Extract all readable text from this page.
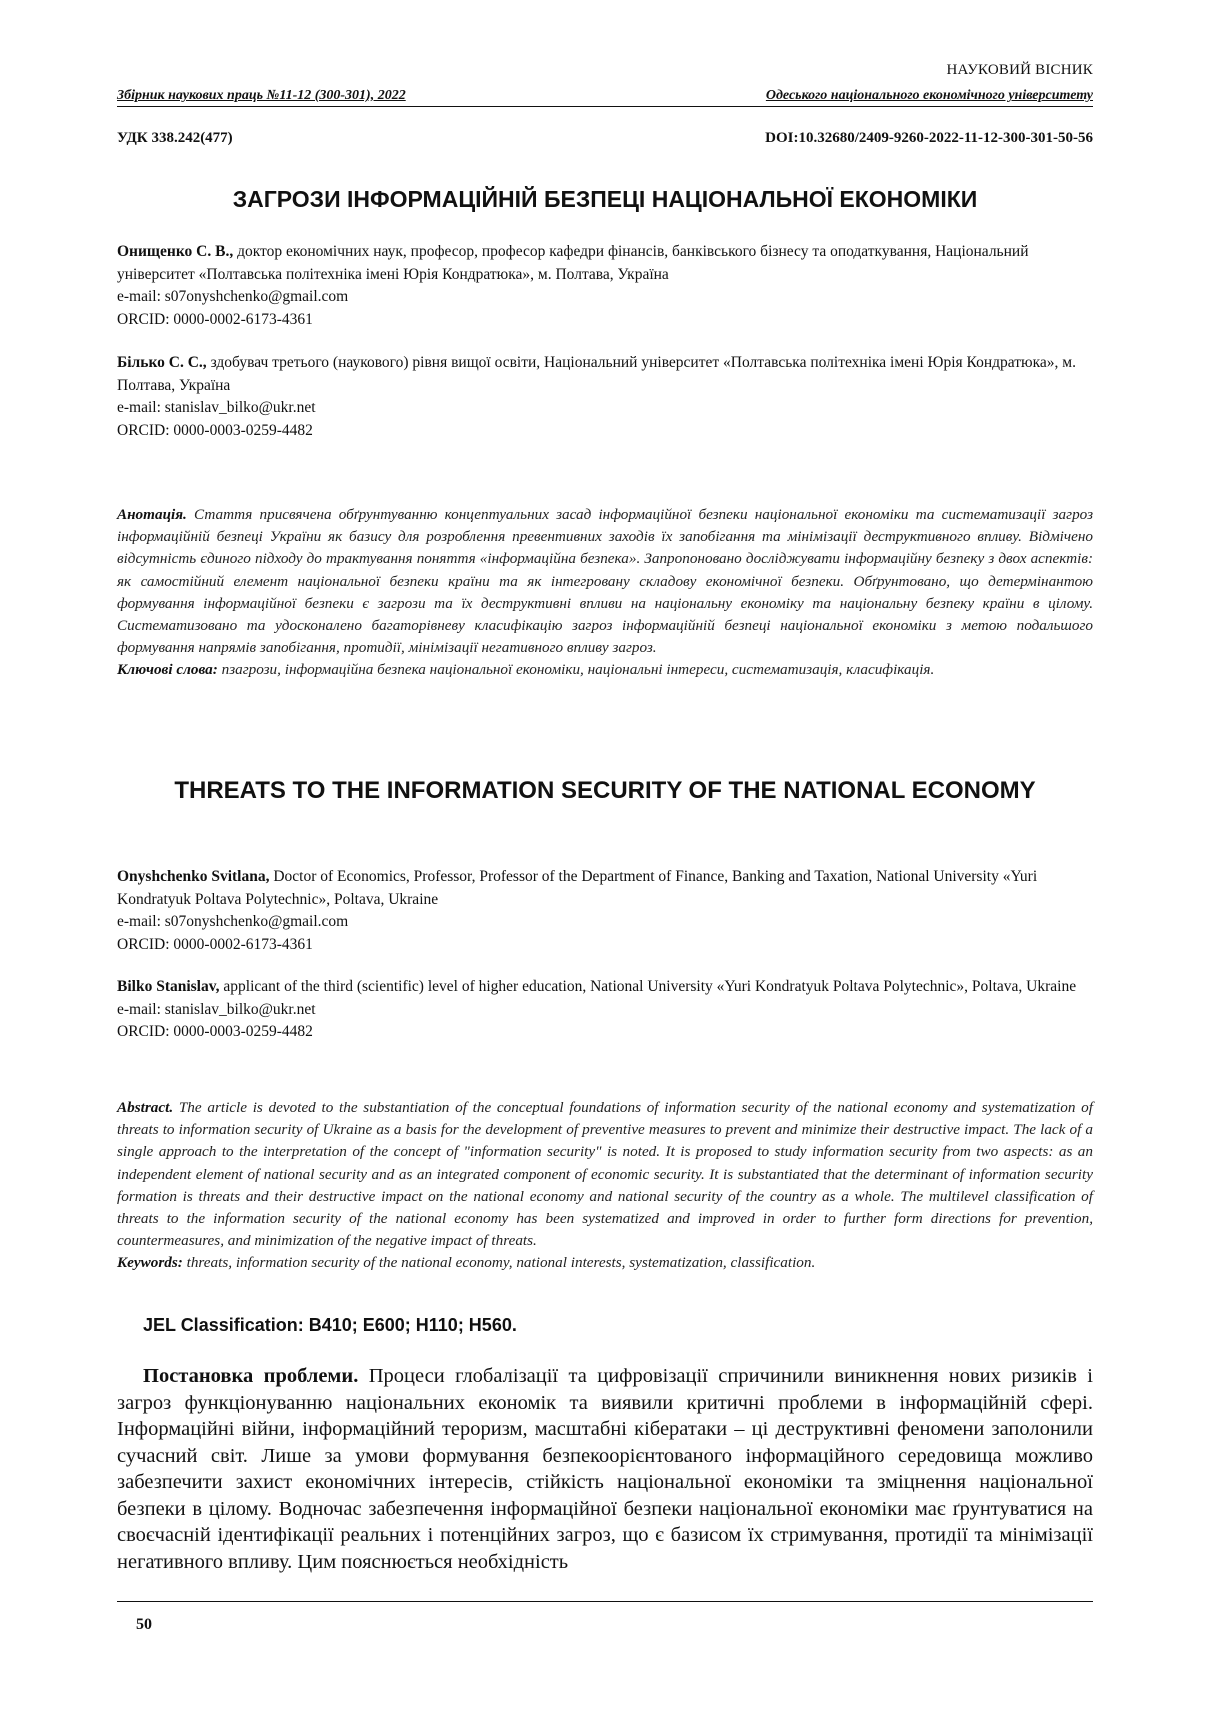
НАУКОВИЙ ВІСНИК
Збірник наукових праць №11-12 (300-301), 2022	Одеського національного економічного університету
УДК 338.242(477)	DOI:10.32680/2409-9260-2022-11-12-300-301-50-56
ЗАГРОЗИ ІНФОРМАЦІЙНІЙ БЕЗПЕЦІ НАЦІОНАЛЬНОЇ ЕКОНОМІКИ
Онищенко С. В., доктор економічних наук, професор, професор кафедри фінансів, банківського бізнесу та оподаткування, Національний університет «Полтавська політехніка імені Юрія Кондратюка», м. Полтава, Україна
e-mail: s07onyshchenko@gmail.com
ORCID: 0000-0002-6173-4361
Білько С. С., здобувач третього (наукового) рівня вищої освіти, Національний університет «Полтавська політехніка імені Юрія Кондратюка», м. Полтава, Україна
e-mail: stanislav_bilko@ukr.net
ORCID: 0000-0003-0259-4482
Анотація. Стаття присвячена обґрунтуванню концептуальних засад інформаційної безпеки національної економіки та систематизації загроз інформаційній безпеці України як базису для розроблення превентивних заходів їх запобігання та мінімізації деструктивного впливу. Відмічено відсутність єдиного підходу до трактування поняття «інформаційна безпека». Запропоновано досліджувати інформаційну безпеку з двох аспектів: як самостійний елемент національної безпеки країни та як інтегровану складову економічної безпеки. Обґрунтовано, що детермінантою формування інформаційної безпеки є загрози та їх деструктивні впливи на національну економіку та національну безпеку країни в цілому. Систематизовано та удосконалено багаторівневу класифікацію загроз інформаційній безпеці національної економіки з метою подальшого формування напрямів запобігання, протидії, мінімізації негативного впливу загроз.
Ключові слова: пзагрози, інформаційна безпека національної економіки, національні інтереси, систематизація, класифікація.
THREATS TO THE INFORMATION SECURITY OF THE NATIONAL ECONOMY
Onyshchenko Svitlana, Doctor of Economics, Professor, Professor of the Department of Finance, Banking and Taxation, National University «Yuri Kondratyuk Poltava Polytechnic», Poltava, Ukraine
e-mail: s07onyshchenko@gmail.com
ORCID: 0000-0002-6173-4361
Bilko Stanislav, applicant of the third (scientific) level of higher education, National University «Yuri Kondratyuk Poltava Polytechnic», Poltava, Ukraine
e-mail: stanislav_bilko@ukr.net
ORCID: 0000-0003-0259-4482
Abstract. The article is devoted to the substantiation of the conceptual foundations of information security of the national economy and systematization of threats to information security of Ukraine as a basis for the development of preventive measures to prevent and minimize their destructive impact. The lack of a single approach to the interpretation of the concept of "information security" is noted. It is proposed to study information security from two aspects: as an independent element of national security and as an integrated component of economic security. It is substantiated that the determinant of information security formation is threats and their destructive impact on the national economy and national security of the country as a whole. The multilevel classification of threats to the information security of the national economy has been systematized and improved in order to further form directions for prevention, countermeasures, and minimization of the negative impact of threats.
Keywords: threats, information security of the national economy, national interests, systematization, classification.
JEL Classification: B410; E600; H110; H560.
Постановка проблеми. Процеси глобалізації та цифровізації спричинили виникнення нових ризиків і загроз функціонуванню національних економік та виявили критичні проблеми в інформаційній сфері. Інформаційні війни, інформаційний тероризм, масштабні кібератаки – ці деструктивні феномени заполонили сучасний світ. Лише за умови формування безпекоорієнтованого інформаційного середовища можливо забезпечити захист економічних інтересів, стійкість національної економіки та зміцнення національної безпеки в цілому. Водночас забезпечення інформаційної безпеки національної економіки має ґрунтуватися на своєчасній ідентифікації реальних і потенційних загроз, що є базисом їх стримування, протидії та мінімізації негативного впливу. Цим пояснюється необхідність
50
